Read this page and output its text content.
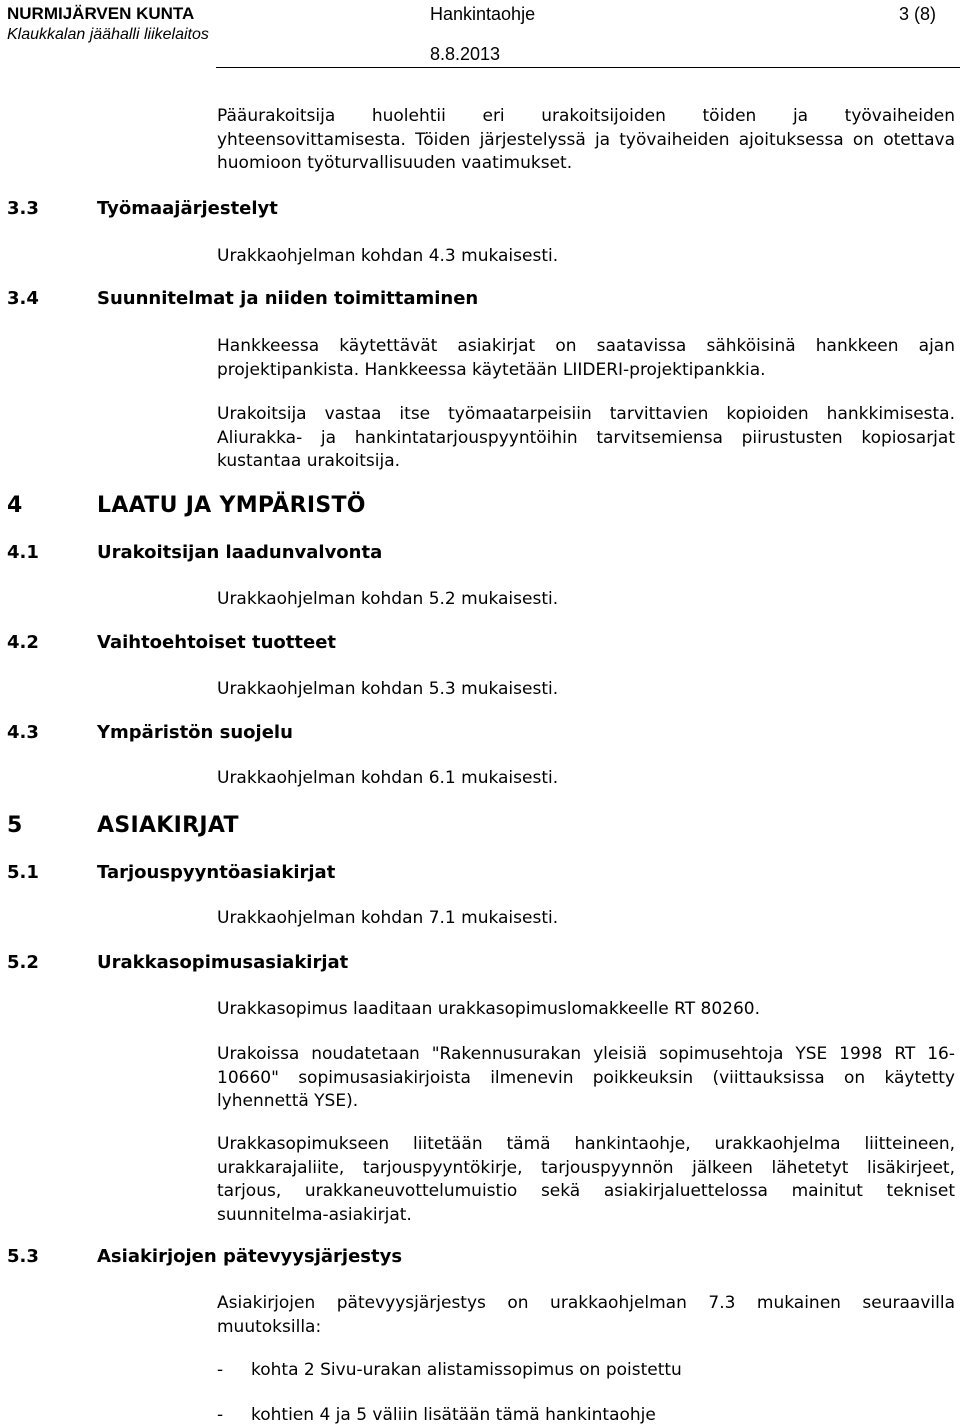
NURMIJÄRVEN KUNTA
Klaukkalan jäähalli liikelaitos
Hankintaohje	3 (8)
8.8.2013
Pääurakoitsija huolehtii eri urakoitsijoiden töiden ja työvaiheiden yhteensovittamisesta. Töiden järjestelyssä ja työvaiheiden ajoituksessa on otettava huomioon työturvallisuuden vaatimukset.
3.3	Työmaajärjestelyt
Urakkaohjelman kohdan 4.3 mukaisesti.
3.4	Suunnitelmat ja niiden toimittaminen
Hankkeessa käytettävät asiakirjat on saatavissa sähköisinä hankkeen ajan projektipankista. Hankkeessa käytetään LIIDERI-projektipankkia.
Urakoitsija vastaa itse työmaatarpeisiin tarvittavien kopioiden hankkimisesta. Aliurakka- ja hankintatarjouspyyntöihin tarvitsemiensa piirustusten kopiosarjat kustantaa urakoitsija.
4	LAATU JA YMPÄRISTÖ
4.1	Urakoitsijan laadunvalvonta
Urakkaohjelman kohdan 5.2 mukaisesti.
4.2	Vaihtoehtoiset tuotteet
Urakkaohjelman kohdan 5.3 mukaisesti.
4.3	Ympäristön suojelu
Urakkaohjelman kohdan 6.1 mukaisesti.
5	ASIAKIRJAT
5.1	Tarjouspyyntöasiakirjat
Urakkaohjelman kohdan 7.1 mukaisesti.
5.2	Urakkasopimusasiakirjat
Urakkasopimus laaditaan urakkasopimuslomakkeelle RT 80260.
Urakoissa noudatetaan "Rakennusurakan yleisiä sopimusehtoja YSE 1998 RT 16-10660" sopimusasiakirjoista ilmenevin poikkeuksin (viittauksissa on käytetty lyhennettä YSE).
Urakkasopimukseen liitetään tämä hankintaohje, urakkaohjelma liitteineen, urakkarajaliite, tarjouspyyntökirje, tarjouspyynnön jälkeen lähetetyt lisäkirjeet, tarjous, urakkaneuvottelumuistio sekä asiakirjaluettelossa mainitut tekniset suunnitelma-asiakirjat.
5.3	Asiakirjojen pätevyysjärjestys
Asiakirjojen pätevyysjärjestys on urakkaohjelman 7.3 mukainen seuraavilla muutoksilla:
- kohta 2 Sivu-urakan alistamissopimus on poistettu
- kohtien 4 ja 5 väliin lisätään tämä hankintaohje
